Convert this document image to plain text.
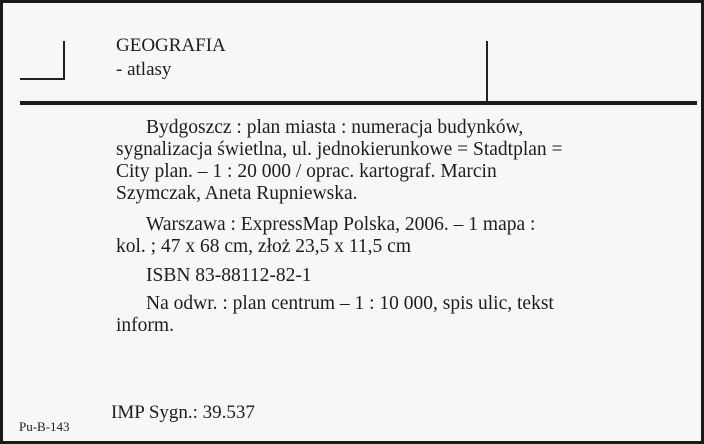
GEOGRAFIA
- atlasy
Bydgoszcz : plan miasta : numeracja budynków,
sygnalizacja świetlna, ul. jednokierunkowe = Stadtplan =
City plan. – 1 : 20 000 / oprac. kartograf. Marcin
Szymczak, Aneta Rupniewska.
Warszawa : ExpressMap Polska, 2006. – 1 mapa :
kol. ; 47 x 68 cm, złoż 23,5 x 11,5 cm
ISBN 83-88112-82-1
Na odwr. : plan centrum – 1 : 10 000, spis ulic, tekst
inform.
IMP Sygn.: 39.537
Pu-B-143
